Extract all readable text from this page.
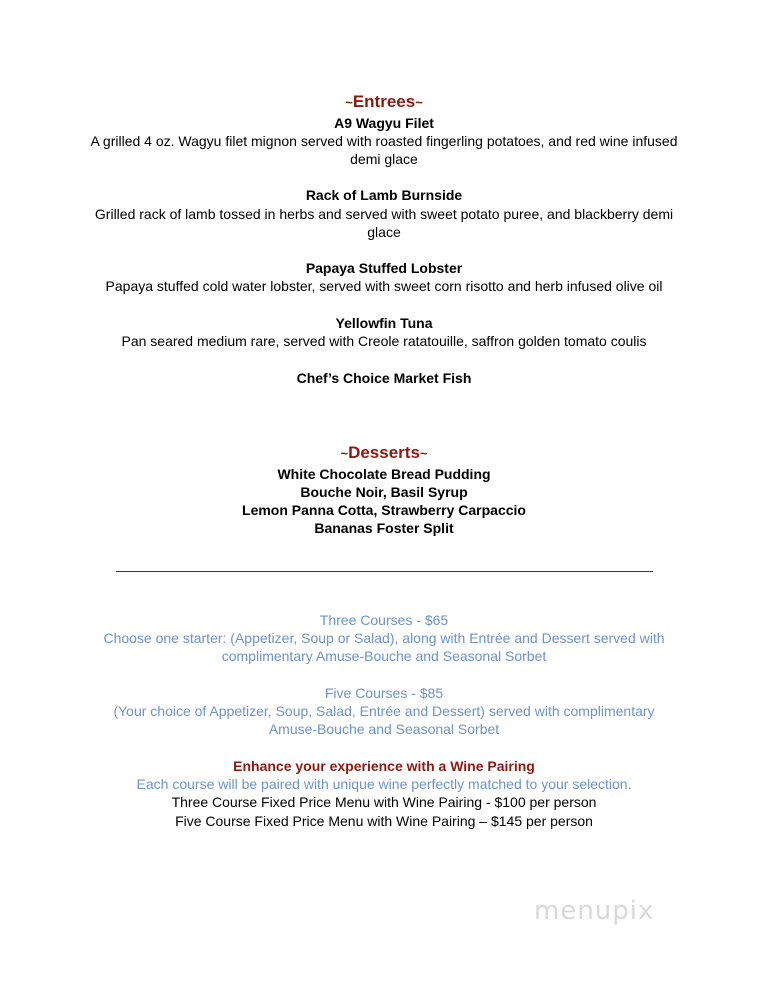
~Entrees~
A9 Wagyu Filet
A grilled 4 oz. Wagyu filet mignon served with roasted fingerling potatoes, and red wine infused
demi glace
Rack of Lamb Burnside
Grilled rack of lamb tossed in herbs and served with sweet potato puree, and blackberry demi
glace
Papaya Stuffed Lobster
Papaya stuffed cold water lobster, served with sweet corn risotto and herb infused olive oil
Yellowfin Tuna
Pan seared medium rare, served with Creole ratatouille, saffron golden tomato coulis
Chef’s Choice Market Fish
~Desserts~
White Chocolate Bread Pudding
Bouche Noir, Basil Syrup
Lemon Panna Cotta, Strawberry Carpaccio
Bananas Foster Split
Three Courses - $65
Choose one starter: (Appetizer, Soup or Salad), along with Entrée and Dessert served with
complimentary Amuse-Bouche and Seasonal Sorbet
Five Courses - $85
(Your choice of Appetizer, Soup, Salad, Entrée and Dessert) served with complimentary
Amuse-Bouche and Seasonal Sorbet
Enhance your experience with a Wine Pairing
Each course will be paired with unique wine perfectly matched to your selection.
Three Course Fixed Price Menu with Wine Pairing - $100 per person
Five Course Fixed Price Menu with Wine Pairing – $145 per person
menupix
